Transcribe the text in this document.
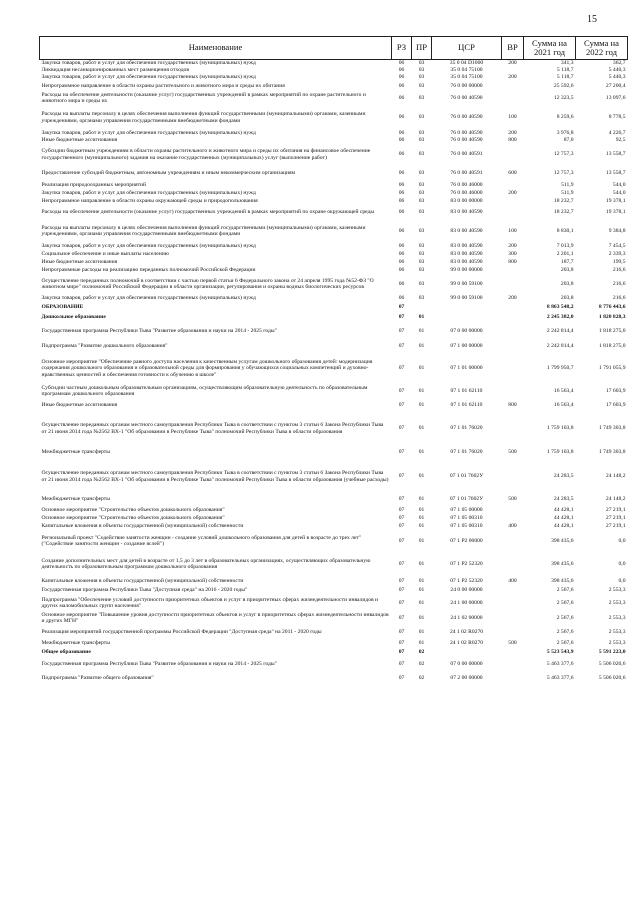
15
Наименование	РЗ	ПР	ЦСР	ВР	Сумма на 2021 год	Сумма на 2022 год
Закупка товаров, работ и услуг для обеспечения государственных (муниципальных) нужд	06	03	35 0 04 D1000	200	341,3	362,7
Ликвидация несанкционированных мест размещения отходов	06	03	35 0 04 75100		5 118,7	5 440,3
Закупка товаров, работ и услуг для обеспечения государственных (муниципальных) нужд	06	03	35 0 04 75100	200	5 118,7	5 440,3
Непрограммное направление в области охраны растительного и животного мира и среды их обитания	06	03	76 0 00 00000		25 592,6	27 200,4
Расходы на обеспечение деятельности (оказание услуг) государственных учреждений в рамках мероприятий по охране растительного и животного мира и среды их	06	03	76 0 00 40590		12 323,5	13 097,6
Расходы на выплаты персоналу в целях обеспечения выполнения функций государственными (муниципальными) органами, казенными учреждениями, органами управления государственными внебюджетными фондами	06	03	76 0 00 40590	100	8 259,6	8 778,5
Закупка товаров, работ и услуг для обеспечения государственных (муниципальных) нужд	06	03	76 0 00 40590	200	3 976,8	4 226,7
Иные бюджетные ассигнования	06	03	76 0 00 40590	800	87,0	92,5
Субсидии бюджетным учреждениям в области охраны растительного и животного мира и среды их обитания на финансовое обеспечение государственного (муниципального) задания на оказание государственных (муниципальных) услуг (выполнение работ)	06	03	76 0 00 40591		12 757,3	13 558,7
Предоставление субсидий бюджетным, автономным учреждениям и иным некоммерческим организациям	06	03	76 0 00 40591	600	12 757,3	13 558,7
Реализация природоохранных мероприятий	06	03	76 0 00 46000		511,9	544,0
Закупка товаров, работ и услуг для обеспечения государственных (муниципальных) нужд	06	03	76 0 00 46000	200	511,9	544,0
Непрограммное направление в области охраны окружающей среды и природопользования	06	03	83 0 00 00000		18 232,7	19 378,1
Расходы на обеспечение деятельности (оказание услуг) государственных учреждений в рамках мероприятий по охране окружающей среды	06	03	83 0 00 40590		18 232,7	19 378,1
Расходы на выплаты персоналу в целях обеспечения выполнения функций государственными (муниципальными) органами, казенными учреждениями, органами управления государственными внебюджетными фондами	06	03	83 0 00 40590	100	8 830,1	9 384,8
Закупка товаров, работ и услуг для обеспечения государственных (муниципальных) нужд	06	03	83 0 00 40590	200	7 013,9	7 454,5
Социальное обеспечение и иные выплаты населению	06	03	83 0 00 40590	300	2 201,1	2 339,3
Иные бюджетные ассигнования	06	03	83 0 00 40590	800	187,7	199,5
Непрограммные расходы на реализацию переданных полномочий Российской Федерации	06	03	99 0 00 00000		203,8	216,6
Осуществление переданных полномочий в соответствии с частью первой статьи 6 Федерального закона от 24 апреля 1995 года №52-ФЗ "О животном мире" полномочий Российской Федерации в области организации, регулирования и охраны водных биологических ресурсов	06	03	99 0 00 59100		203,8	216,6
Закупка товаров, работ и услуг для обеспечения государственных (муниципальных) нужд	06	03	99 0 00 59100	200	203,8	216,6
ОБРАЗОВАНИЕ	07				8 863 548,2	8 776 443,6
Дошкольное образование	07	01			2 245 382,0	1 820 828,3
Государственная программа Республики Тыва "Развитие образования и науки на 2014 - 2025 годы"	07	01	07 0 00 00000		2 242 814,4	1 818 275,0
Подпрограмма "Развитие дошкольного образования"	07	01	07 1 00 00000		2 242 814,4	1 818 275,0
Основное мероприятие "Обеспечение равного доступа населения к качественным услугам дошкольного образования детей: модернизация содержания дошкольного образования и образовательной среды для формирования у обучающихся социальных компетенций и духовно-нравственных ценностей и обеспечения готовности к обучению в школе"	07	01	07 1 01 00000		1 799 950,7	1 791 055,9
Субсидии частным дошкольным образовательным организациям, осуществляющим образовательную деятельность по образовательным программам дошкольного образования	07	01	07 1 01 62110		16 563,4	17 603,9
Иные бюджетные ассигнования	07	01	07 1 01 62110	800	16 563,4	17 603,9
Осуществление переданных органам местного самоуправления Республики Тыва в соответствии с пунктом 3 статьи 6 Закона Республики Тыва от 21 июня 2014 года №2562 ВХ-1 "Об образовании в Республике Тыва" полномочий Республики Тыва в области образования	07	01	07 1 01 76020		1 759 103,8	1 749 303,8
Межбюджетные трансферты	07	01	07 1 01 76020	500	1 759 103,8	1 749 303,8
Осуществление переданных органам местного самоуправления Республики Тыва в соответствии с пунктом 3 статьи 6 Закона Республики Тыва от 21 июня 2014 года №2562 ВХ-1 "Об образовании в Республике Тыва" полномочий Республики Тыва в области образования (учебные расходы)	07	01	07 1 01 7602У		24 283,5	24 148,2
Межбюджетные трансферты	07	01	07 1 01 7602У	500	24 283,5	24 148,2
Основное мероприятие "Строительство объектов дошкольного образования"	07	01	07 1 05 00000		44 428,1	27 219,1
Основное мероприятие "Строительство объектов дошкольного образования"	07	01	07 1 05 00310		44 428,1	27 219,1
Капитальные вложения в объекты государственной (муниципальной) собственности	07	01	07 1 05 00310	400	44 428,1	27 219,1
Региональный проект "Содействие занятости женщин - создание условий дошкольного образования для детей в возрасте до трех лет" ("Содействие занятости женщин - создание яслей")	07	01	07 1 P2 00000		398 435,6	0,0
Создание дополнительных мест для детей в возрасте от 1,5 до 3 лет в образовательных организациях, осуществляющих образовательную деятельность по образовательным программам дошкольного образования	07	01	07 1 P2 52320		398 435,6	0,0
Капитальные вложения в объекты государственной (муниципальной) собственности	07	01	07 1 P2 52320	400	398 435,6	0,0
Государственная программа Республики Тыва "Доступная среда" на 2016 - 2020 годы"	07	01	24 0 00 00000		2 567,6	2 553,3
Подпрограмма "Обеспечение условий доступности приоритетных объектов и услуг в приоритетных сферах жизнедеятельности инвалидов и других маломобильных групп населения"	07	01	24 1 00 00000		2 567,6	2 553,3
Основное мероприятие "Повышение уровня доступности приоритетных объектов и услуг в приоритетных сферах жизнедеятельности инвалидов и других МГН"	07	01	24 1 02 00000		2 567,6	2 553,3
Реализация мероприятий государственной программы Российской Федерации "Доступная среда" на 2011 - 2020 годы	07	01	24 1 02 R0270		2 567,6	2 553,3
Межбюджетные трансферты	07	01	24 1 02 R0270	500	2 567,6	2 553,3
Общее образование	07	02			5 523 543,9	5 591 223,0
Государственная программа Республики Тыва "Развитие образования и науки на 2014 - 2025 годы"	07	02	07 0 00 00000		5 463 377,6	5 506 020,6
Подпрограмма "Развитие общего образования"	07	02	07 2 00 00000		5 463 377,6	5 506 020,6
